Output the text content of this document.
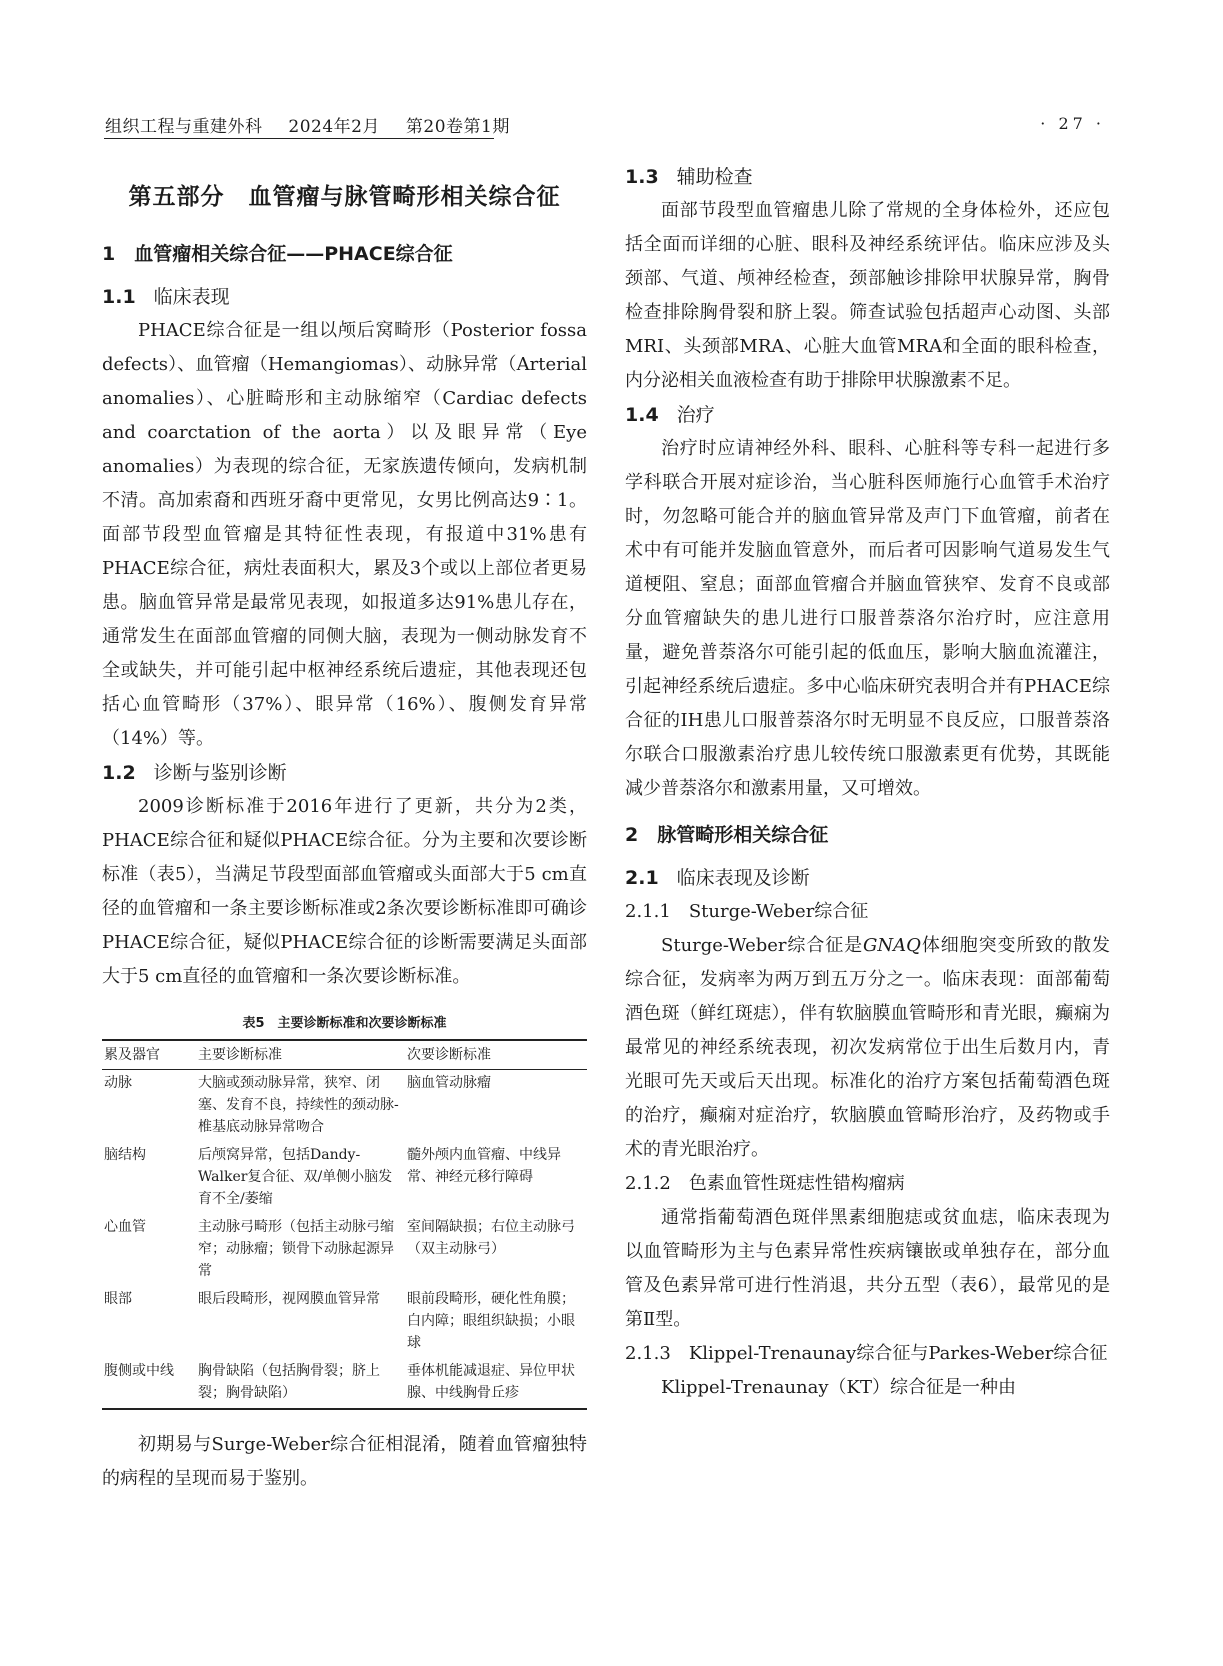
组织工程与重建外科 2024年2月 第20卷第1期	· 27 ·
第五部分　血管瘤与脉管畸形相关综合征
1　血管瘤相关综合征——PHACE综合征
1.1 临床表现

PHACE综合征是一组以颅后窝畸形（Posterior fossa defects）、血管瘤（Hemangiomas）、动脉异常（Arterial anomalies）、心脏畸形和主动脉缩窄（Cardiac defects and coarctation of the aorta）以及眼异常（Eye anomalies）为表现的综合征，无家族遗传倾向，发病机制不清。高加索裔和西班牙裔中更常见，女男比例高达9∶1。面部节段型血管瘤是其特征性表现，有报道中31%患有PHACE综合征，病灶表面积大，累及3个或以上部位者更易患。脑血管异常是最常见表现，如报道多达91%患儿存在，通常发生在面部血管瘤的同侧大脑，表现为一侧动脉发育不全或缺失，并可能引起中枢神经系统后遗症，其他表现还包括心血管畸形（37%）、眼异常（16%）、腹侧发育异常（14%）等。

1.2 诊断与鉴别诊断

2009诊断标准于2016年进行了更新，共分为2类，PHACE综合征和疑似PHACE综合征。分为主要和次要诊断标准（表5），当满足节段型面部血管瘤或头面部大于5 cm直径的血管瘤和一条主要诊断标准或2条次要诊断标准即可确诊PHACE综合征，疑似PHACE综合征的诊断需要满足头面部大于5 cm直径的血管瘤和一条次要诊断标准。

表5　主要诊断标准和次要诊断标准
累及器官	主要诊断标准	次要诊断标准
动脉	大脑或颈动脉异常，狭窄、闭塞、发育不良，持续性的颈动脉-椎基底动脉异常吻合	脑血管动脉瘤
脑结构	后颅窝异常，包括Dandy-Walker复合征、双/单侧小脑发育不全/萎缩	髓外颅内血管瘤、中线异常、神经元移行障碍
心血管	主动脉弓畸形（包括主动脉弓缩窄；动脉瘤；锁骨下动脉起源异常	室间隔缺损；右位主动脉弓（双主动脉弓）
眼部	眼后段畸形，视网膜血管异常	眼前段畸形，硬化性角膜；白内障；眼组织缺损；小眼球
腹侧或中线	胸骨缺陷（包括胸骨裂；脐上裂；胸骨缺陷）	垂体机能减退症、异位甲状腺、中线胸骨丘疹

初期易与Surge-Weber综合征相混淆，随着血管瘤独特的病程的呈现而易于鉴别。

1.3 辅助检查

面部节段型血管瘤患儿除了常规的全身体检外，还应包括全面而详细的心脏、眼科及神经系统评估。临床应涉及头颈部、气道、颅神经检查，颈部触诊排除甲状腺异常，胸骨检查排除胸骨裂和脐上裂。筛查试验包括超声心动图、头部MRI、头颈部MRA、心脏大血管MRA和全面的眼科检查，内分泌相关血液检查有助于排除甲状腺激素不足。

1.4 治疗

治疗时应请神经外科、眼科、心脏科等专科一起进行多学科联合开展对症诊治，当心脏科医师施行心血管手术治疗时，勿忽略可能合并的脑血管异常及声门下血管瘤，前者在术中有可能并发脑血管意外，而后者可因影响气道易发生气道梗阻、窒息；面部血管瘤合并脑血管狭窄、发育不良或部分血管瘤缺失的患儿进行口服普萘洛尔治疗时，应注意用量，避免普萘洛尔可能引起的低血压，影响大脑血流灌注，引起神经系统后遗症。多中心临床研究表明合并有PHACE综合征的IH患儿口服普萘洛尔时无明显不良反应，口服普萘洛尔联合口服激素治疗患儿较传统口服激素更有优势，其既能减少普萘洛尔和激素用量，又可增效。

2　脉管畸形相关综合征
2.1 临床表现及诊断
2.1.1 Sturge-Weber综合征

Sturge-Weber综合征是GNAQ体细胞突变所致的散发综合征，发病率为两万到五万分之一。临床表现：面部葡萄酒色斑（鲜红斑痣），伴有软脑膜血管畸形和青光眼，癫痫为最常见的神经系统表现，初次发病常位于出生后数月内，青光眼可先天或后天出现。标准化的治疗方案包括葡萄酒色斑的治疗，癫痫对症治疗，软脑膜血管畸形治疗，及药物或手术的青光眼治疗。

2.1.2 色素血管性斑痣性错构瘤病

通常指葡萄酒色斑伴黑素细胞痣或贫血痣，临床表现为以血管畸形为主与色素异常性疾病镶嵌或单独存在，部分血管及色素异常可进行性消退，共分五型（表6），最常见的是第Ⅱ型。

2.1.3 Klippel-Trenaunay综合征与Parkes-Weber综合征

Klippel-Trenaunay（KT）综合征是一种由
